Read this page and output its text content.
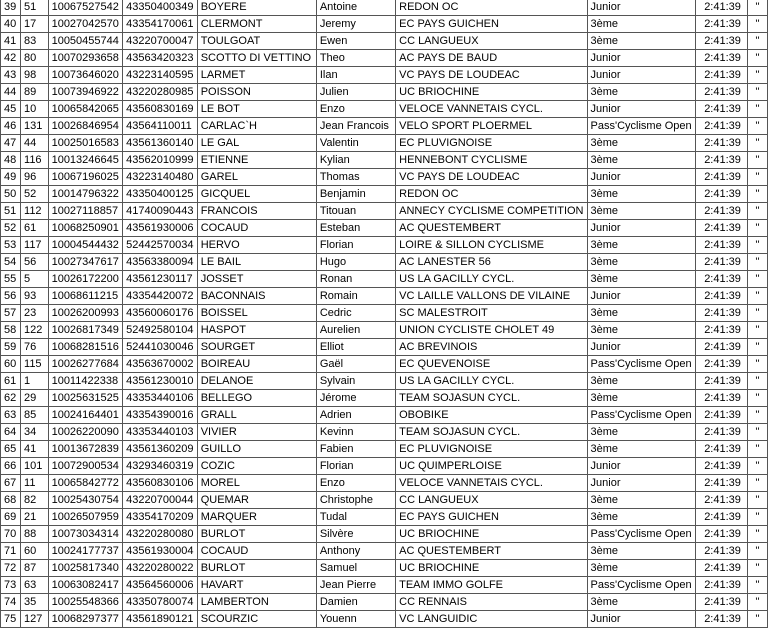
39	51	10067527542	43350400349	BOYERE	Antoine	REDON OC	Junior	2:41:39	''
40	17	10027042570	43354170061	CLERMONT	Jeremy	EC PAYS GUICHEN	3ème	2:41:39	''
41	83	10050455744	43220700047	TOULGOAT	Ewen	CC LANGUEUX	3ème	2:41:39	''
42	80	10070293658	43563420323	SCOTTO DI VETTINO	Theo	AC PAYS DE BAUD	Junior	2:41:39	''
43	98	10073646020	43223140595	LARMET	Ilan	VC PAYS DE LOUDEAC	Junior	2:41:39	''
44	89	10073946922	43220280985	POISSON	Julien	UC BRIOCHINE	3ème	2:41:39	''
45	10	10065842065	43560830169	LE BOT	Enzo	VELOCE VANNETAIS CYCL.	Junior	2:41:39	''
46	131	10026846954	43564110011	CARLAC`H	Jean Francois	VELO SPORT PLOERMEL	Pass'Cyclisme Open	2:41:39	''
47	44	10025016583	43561360140	LE GAL	Valentin	EC PLUVIGNOISE	3ème	2:41:39	''
48	116	10013246645	43562010999	ETIENNE	Kylian	HENNEBONT CYCLISME	3ème	2:41:39	''
49	96	10067196025	43223140480	GAREL	Thomas	VC PAYS DE LOUDEAC	Junior	2:41:39	''
50	52	10014796322	43350400125	GICQUEL	Benjamin	REDON OC	3ème	2:41:39	''
51	112	10027118857	41740090443	FRANCOIS	Titouan	ANNECY CYCLISME COMPETITION	3ème	2:41:39	''
52	61	10068250901	43561930006	COCAUD	Esteban	AC QUESTEMBERT	Junior	2:41:39	''
53	117	10004544432	52442570034	HERVO	Florian	LOIRE & SILLON CYCLISME	3ème	2:41:39	''
54	56	10027347617	43563380094	LE BAIL	Hugo	AC LANESTER 56	3ème	2:41:39	''
55	5	10026172200	43561230117	JOSSET	Ronan	US LA GACILLY CYCL.	3ème	2:41:39	''
56	93	10068611215	43354420072	BACONNAIS	Romain	VC LAILLE VALLONS DE VILAINE	Junior	2:41:39	''
57	23	10026200993	43560060176	BOISSEL	Cedric	SC MALESTROIT	3ème	2:41:39	''
58	122	10026817349	52492580104	HASPOT	Aurelien	UNION CYCLISTE CHOLET 49	3ème	2:41:39	''
59	76	10068281516	52441030046	SOURGET	Elliot	AC BREVINOIS	Junior	2:41:39	''
60	115	10026277684	43563670002	BOIREAU	Gaël	EC QUEVENOISE	Pass'Cyclisme Open	2:41:39	''
61	1	10011422338	43561230010	DELANOE	Sylvain	US LA GACILLY CYCL.	3ème	2:41:39	''
62	29	10025631525	43353440106	BELLEGO	Jérome	TEAM SOJASUN CYCL.	3ème	2:41:39	''
63	85	10024164401	43354390016	GRALL	Adrien	OBOBIKE	Pass'Cyclisme Open	2:41:39	''
64	34	10026220090	43353440103	VIVIER	Kevinn	TEAM SOJASUN CYCL.	3ème	2:41:39	''
65	41	10013672839	43561360209	GUILLO	Fabien	EC PLUVIGNOISE	3ème	2:41:39	''
66	101	10072900534	43293460319	COZIC	Florian	UC QUIMPERLOISE	Junior	2:41:39	''
67	11	10065842772	43560830106	MOREL	Enzo	VELOCE VANNETAIS CYCL.	Junior	2:41:39	''
68	82	10025430754	43220700044	QUEMAR	Christophe	CC LANGUEUX	3ème	2:41:39	''
69	21	10026507959	43354170209	MARQUER	Tudal	EC PAYS GUICHEN	3ème	2:41:39	''
70	88	10073034314	43220280080	BURLOT	Silvère	UC BRIOCHINE	Pass'Cyclisme Open	2:41:39	''
71	60	10024177737	43561930004	COCAUD	Anthony	AC QUESTEMBERT	3ème	2:41:39	''
72	87	10025817340	43220280022	BURLOT	Samuel	UC BRIOCHINE	3ème	2:41:39	''
73	63	10063082417	43564560006	HAVART	Jean Pierre	TEAM IMMO GOLFE	Pass'Cyclisme Open	2:41:39	''
74	35	10025548366	43350780074	LAMBERTON	Damien	CC RENNAIS	3ème	2:41:39	''
75	127	10068297377	43561890121	SCOURZIC	Youenn	VC LANGUIDIC	Junior	2:41:39	''
